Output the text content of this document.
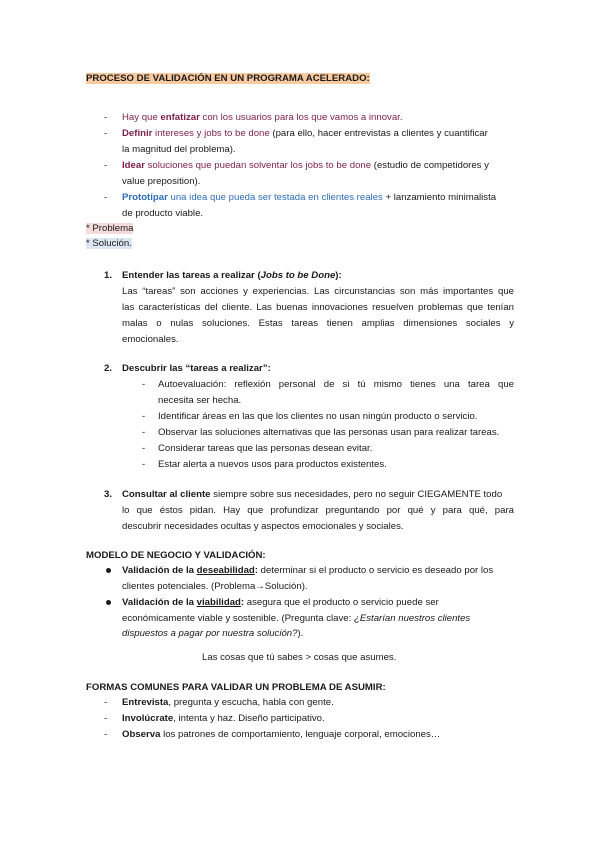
PROCESO DE VALIDACIÓN EN UN PROGRAMA ACELERADO:
- Hay que enfatizar con los usuarios para los que vamos a innovar.
- Definir intereses y jobs to be done (para ello, hacer entrevistas a clientes y cuantificar
la magnitud del problema).
- Idear soluciones que puedan solventar los jobs to be done (estudio de competidores y
value preposition).
- Prototipar una idea que pueda ser testada en clientes reales + lanzamiento minimalista
de producto viable.
* Problema
* Solución.
1. Entender las tareas a realizar (Jobs to be Done):
Las “tareas” son acciones y experiencias. Las circunstancias son más importantes que
las características del cliente. Las buenas innovaciones resuelven problemas que tenían
malas o nulas soluciones. Estas tareas tienen amplias dimensiones sociales y
emocionales.
2. Descubrir las “tareas a realizar”:
- Autoevaluación: reflexión personal de si tú mismo tienes una tarea que
necesita ser hecha.
- Identificar áreas en las que los clientes no usan ningún producto o servicio.
- Observar las soluciones alternativas que las personas usan para realizar tareas.
- Considerar tareas que las personas desean evitar.
- Estar alerta a nuevos usos para productos existentes.
3. Consultar al cliente siempre sobre sus necesidades, pero no seguir CIEGAMENTE todo
lo que éstos pidan. Hay que profundizar preguntando por qué y para qué, para
descubrir necesidades ocultas y aspectos emocionales y sociales.
MODELO DE NEGOCIO Y VALIDACIÓN:
Validación de la deseabilidad: determinar si el producto o servicio es deseado por los
clientes potenciales. (Problema→Solución).
Validación de la viabilidad: asegura que el producto o servicio puede ser
económicamente viable y sostenible. (Pregunta clave: ¿Estarían nuestros clientes
dispuestos a pagar por nuestra solución?).
Las cosas que tú sabes > cosas que asumes.
FORMAS COMUNES PARA VALIDAR UN PROBLEMA DE ASUMIR:
- Entrevista, pregunta y escucha, habla con gente.
- Involúcrate, intenta y haz. Diseño participativo.
- Observa los patrones de comportamiento, lenguaje corporal, emociones…
